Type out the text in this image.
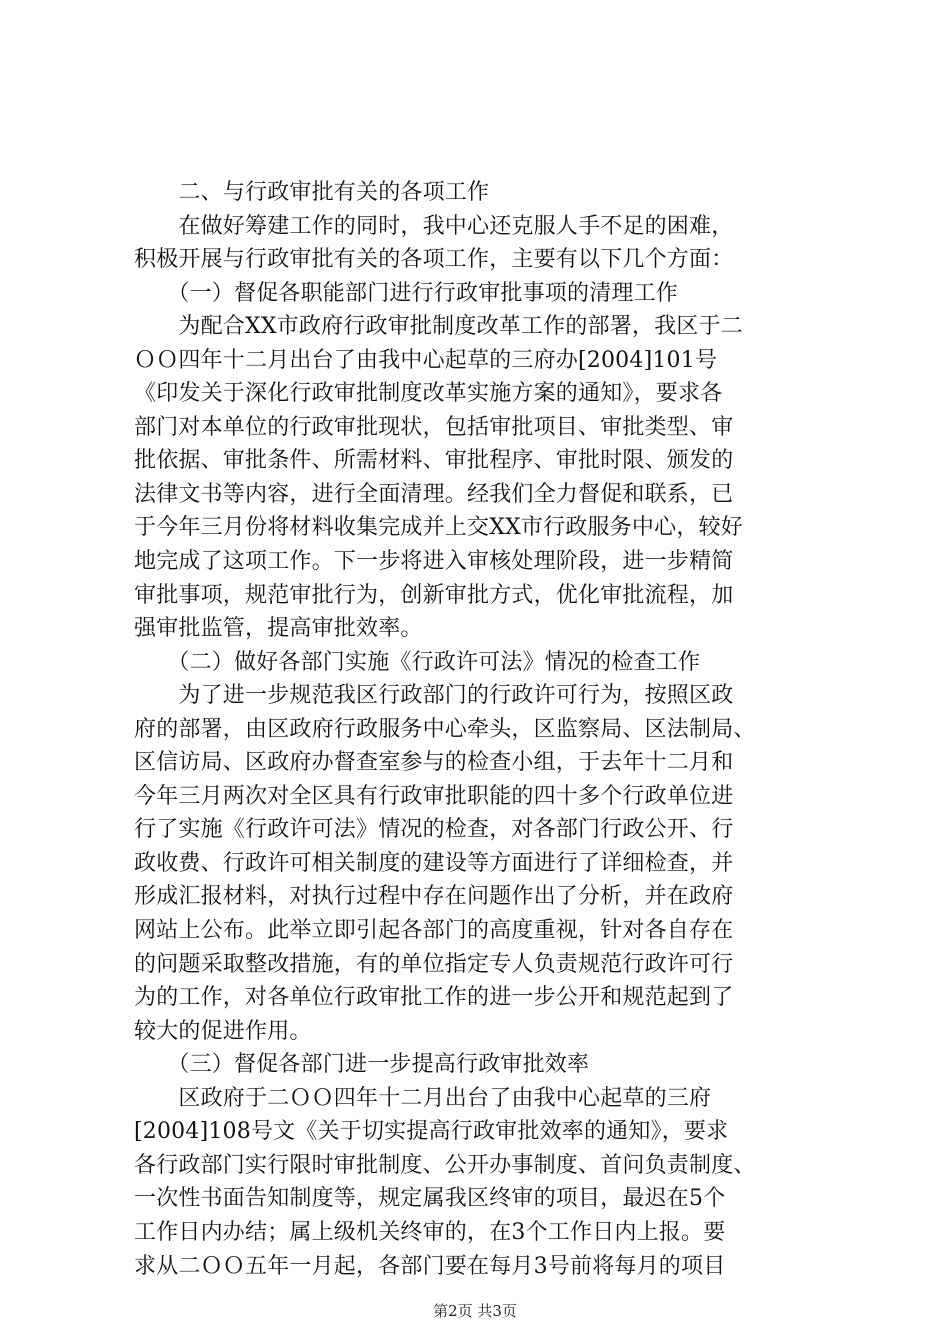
　　二、与行政审批有关的各项工作
　　在做好筹建工作的同时，我中心还克服人手不足的困难，
积极开展与行政审批有关的各项工作，主要有以下几个方面：
　　（一）督促各职能部门进行行政审批事项的清理工作
　　为配合XX市政府行政审批制度改革工作的部署，我区于二
ＯＯ四年十二月出台了由我中心起草的三府办[2004]101号
《印发关于深化行政审批制度改革实施方案的通知》，要求各
部门对本单位的行政审批现状，包括审批项目、审批类型、审
批依据、审批条件、所需材料、审批程序、审批时限、颁发的
法律文书等内容，进行全面清理。经我们全力督促和联系，已
于今年三月份将材料收集完成并上交XX市行政服务中心，较好
地完成了这项工作。下一步将进入审核处理阶段，进一步精简
审批事项，规范审批行为，创新审批方式，优化审批流程，加
强审批监管，提高审批效率。
　　（二）做好各部门实施《行政许可法》情况的检查工作
　　为了进一步规范我区行政部门的行政许可行为，按照区政
府的部署，由区政府行政服务中心牵头，区监察局、区法制局、
区信访局、区政府办督查室参与的检查小组，于去年十二月和
今年三月两次对全区具有行政审批职能的四十多个行政单位进
行了实施《行政许可法》情况的检查，对各部门行政公开、行
政收费、行政许可相关制度的建设等方面进行了详细检查，并
形成汇报材料，对执行过程中存在问题作出了分析，并在政府
网站上公布。此举立即引起各部门的高度重视，针对各自存在
的问题采取整改措施，有的单位指定专人负责规范行政许可行
为的工作，对各单位行政审批工作的进一步公开和规范起到了
较大的促进作用。
　　（三）督促各部门进一步提高行政审批效率
　　区政府于二ＯＯ四年十二月出台了由我中心起草的三府
[2004]108号文《关于切实提高行政审批效率的通知》，要求
各行政部门实行限时审批制度、公开办事制度、首问负责制度、
一次性书面告知制度等，规定属我区终审的项目，最迟在5个
工作日内办结；属上级机关终审的，在3个工作日内上报。要
求从二ＯＯ五年一月起，各部门要在每月3号前将每月的项目
第2页 共3页
